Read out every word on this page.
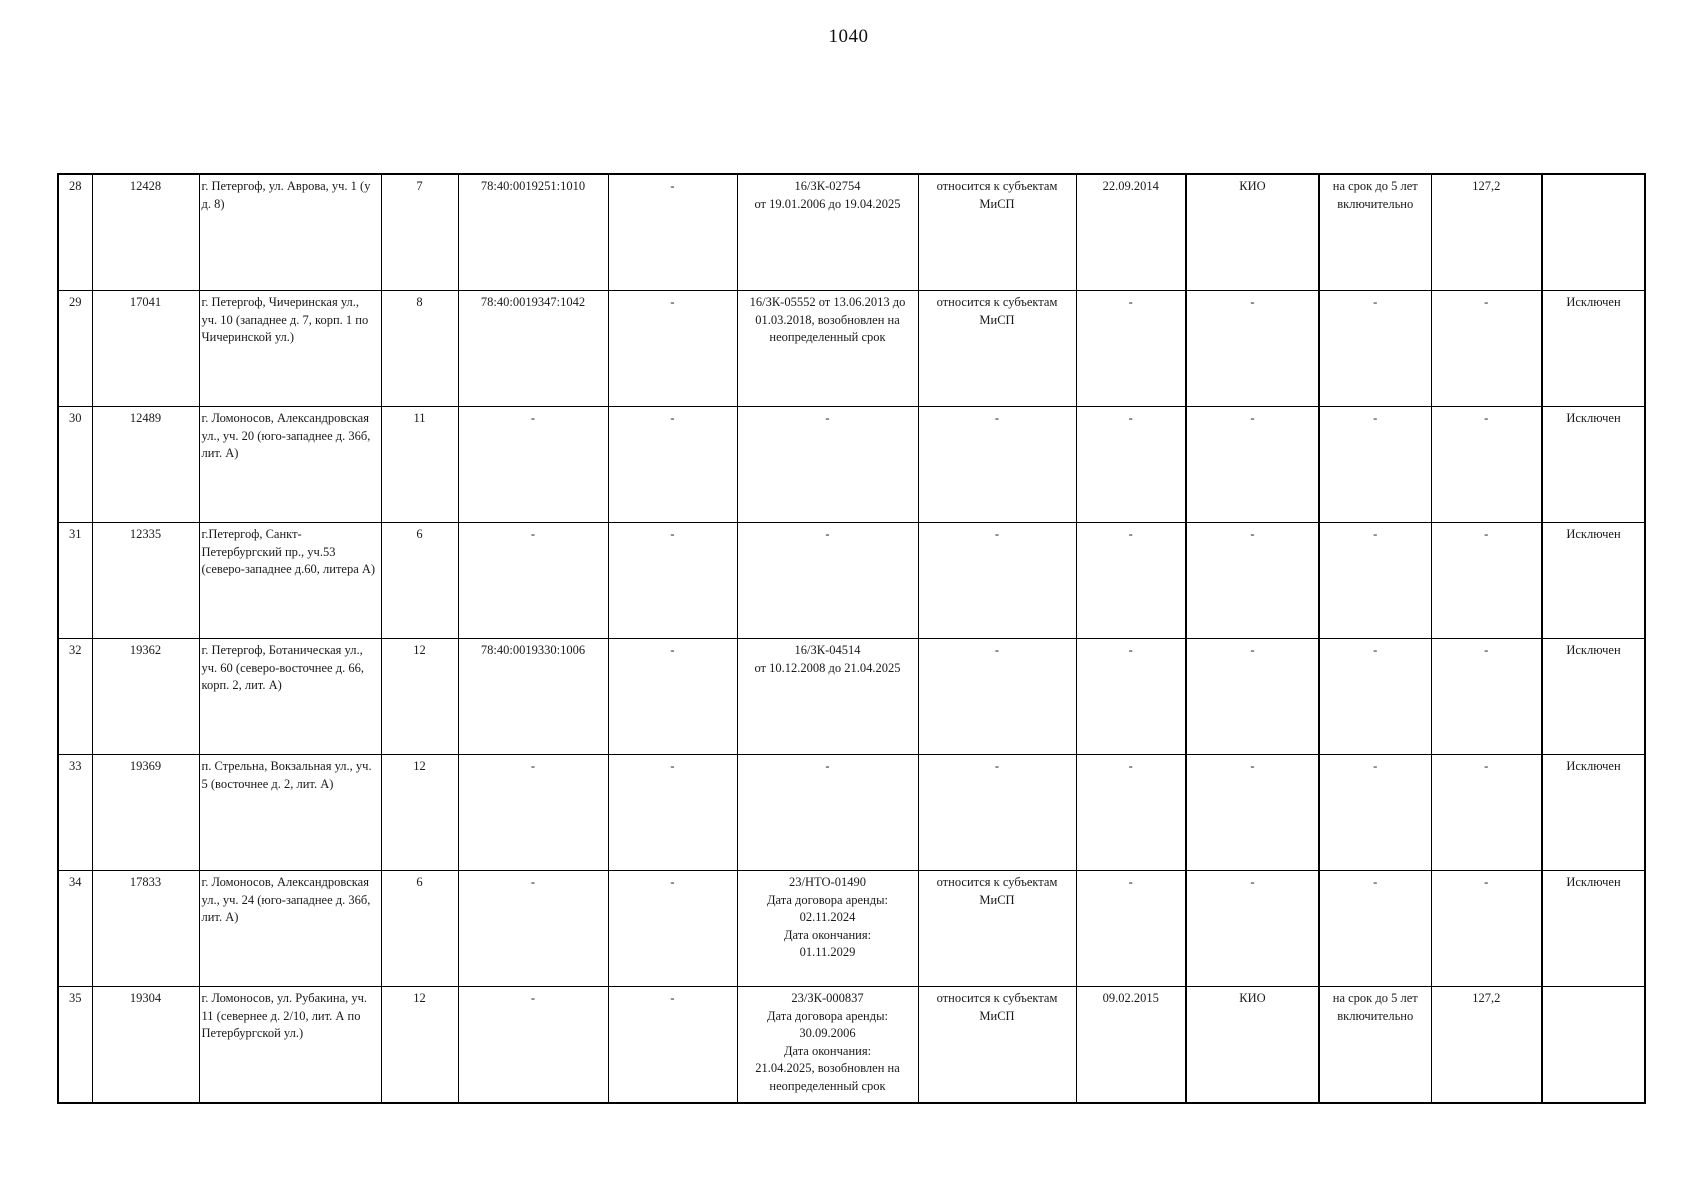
1040
28	12428	г. Петергоф, ул. Аврова, уч. 1 (у д. 8)	7	78:40:0019251:1010	-	16/ЗК-02754
от 19.01.2006 до 19.04.2025	относится к субъектам МиСП	22.09.2014	КИО	на срок до 5 лет включительно	127,2	
29	17041	г. Петергоф, Чичеринская ул., уч. 10 (западнее д. 7, корп. 1 по Чичеринской ул.)	8	78:40:0019347:1042	-	16/ЗК-05552 от 13.06.2013 до 01.03.2018, возобновлен на неопределенный срок	относится к субъектам МиСП	-	-	-	-	Исключен
30	12489	г. Ломоносов, Александровская ул., уч. 20 (юго-западнее д. 36б, лит. А)	11	-	-	-	-	-	-	-	-	Исключен
31	12335	г.Петергоф, Санкт-Петербургский пр., уч.53 (северо-западнее д.60, литера А)	6	-	-	-	-	-	-	-	-	Исключен
32	19362	г. Петергоф, Ботаническая ул., уч. 60 (северо-восточнее д. 66, корп. 2, лит. А)	12	78:40:0019330:1006	-	16/ЗК-04514
от 10.12.2008 до 21.04.2025	-	-	-	-	-	Исключен
33	19369	п. Стрельна, Вокзальная ул., уч. 5 (восточнее д. 2, лит. А)	12	-	-	-	-	-	-	-	-	Исключен
34	17833	г. Ломоносов, Александровская ул., уч. 24 (юго-западнее д. 36б, лит. А)	6	-	-	23/НТО-01490
Дата договора аренды:
02.11.2024
Дата окончания:
01.11.2029	относится к субъектам МиСП	-	-	-	-	Исключен
35	19304	г. Ломоносов, ул. Рубакина, уч. 11 (севернее д. 2/10, лит. А по Петербургской ул.)	12	-	-	23/ЗК-000837
Дата договора аренды:
30.09.2006
Дата окончания:
21.04.2025, возобновлен на неопределенный срок	относится к субъектам МиСП	09.02.2015	КИО	на срок до 5 лет включительно	127,2	
